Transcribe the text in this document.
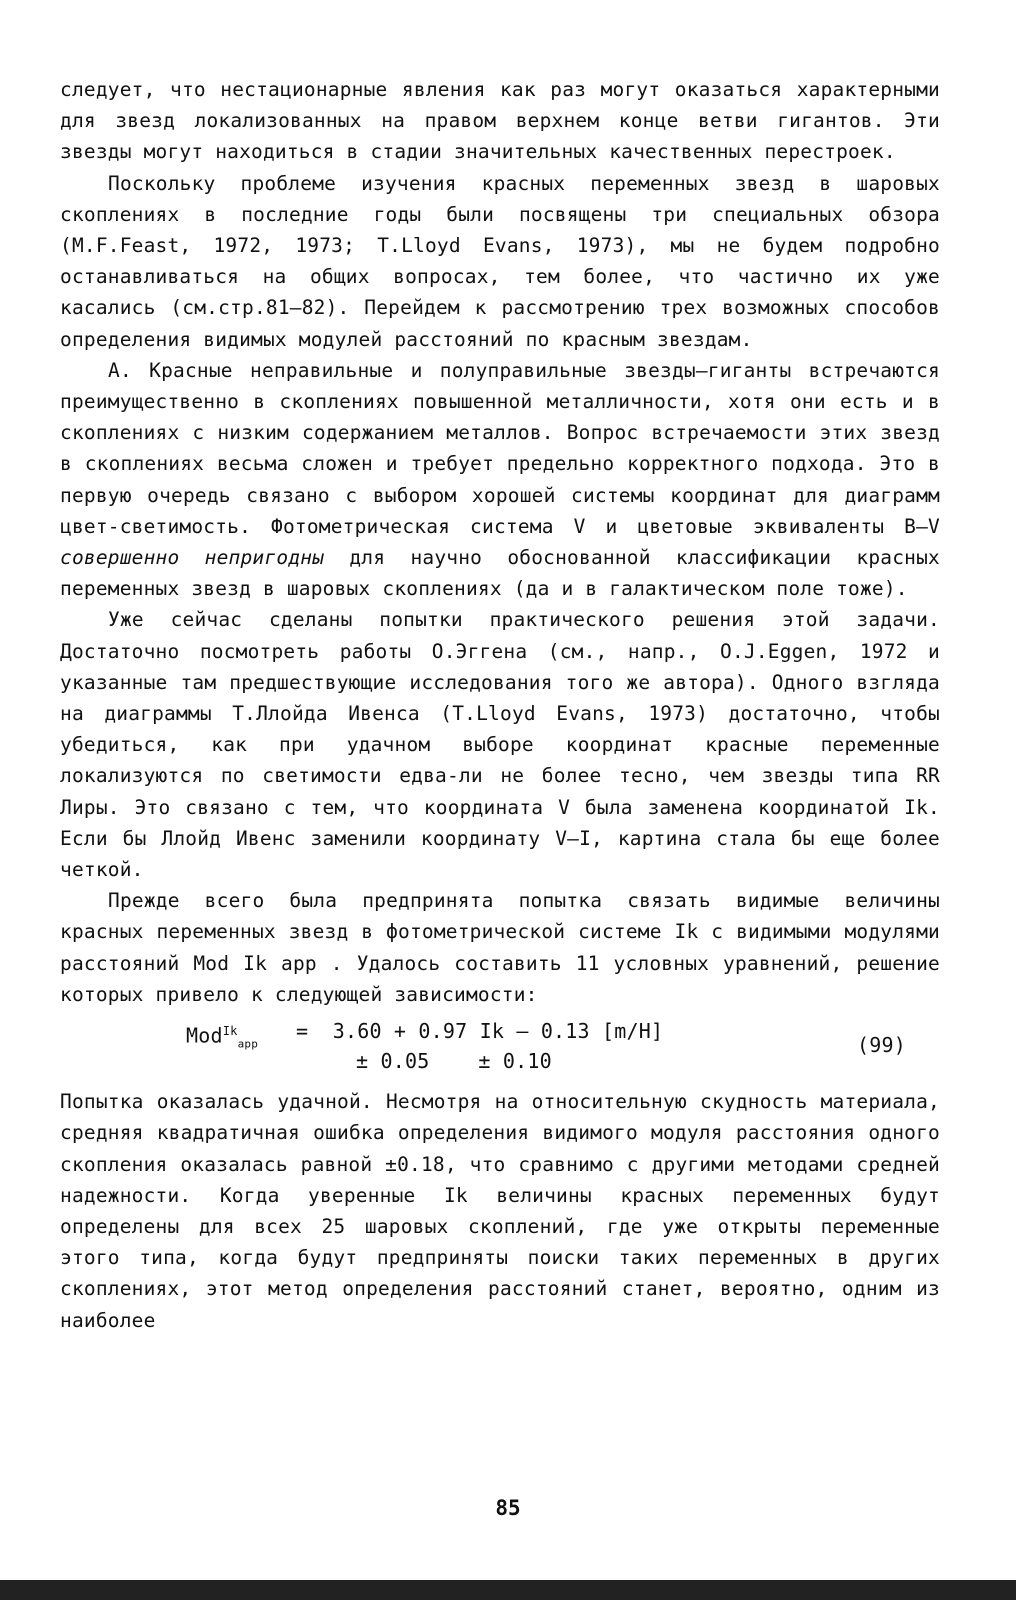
следует, что нестационарные явления как раз могут оказаться характерными для звезд локализованных на правом верхнем конце ветви гигантов. Эти звезды могут находиться в стадии значительных качественных перестроек.

Поскольку проблеме изучения красных переменных звезд в шаровых скоплениях в последние годы были посвящены три специальных обзора (M.F.Feast, 1972, 1973; T.Lloyd Evans, 1973), мы не будем подробно останавливаться на общих вопросах, тем более, что частично их уже касались (см.стр.81–82). Перейдем к рассмотрению трех возможных способов определения видимых модулей расстояний по красным звездам.

А. Красные неправильные и полуправильные звезды–гиганты встречаются преимущественно в скоплениях повышенной металличности, хотя они есть и в скоплениях с низким содержанием металлов. Вопрос встречаемости этих звезд в скоплениях весьма сложен и требует предельно корректного подхода. Это в первую очередь связано с выбором хорошей системы координат для диаграмм цвет-светимость. Фотометрическая система V и цветовые эквиваленты B–V совершенно непригодны для научно обоснованной классификации красных переменных звезд в шаровых скоплениях (да и в галактическом поле тоже).

Уже сейчас сделаны попытки практического решения этой задачи. Достаточно посмотреть работы О.Эггена (см., напр., O.J.Eggen, 1972 и указанные там предшествующие исследования того же автора). Одного взгляда на диаграммы Т.Ллойда Ивенса (T.Lloyd Evans, 1973) достаточно, чтобы убедиться, как при удачном выборе координат красные переменные локализуются по светимости едва-ли не более тесно, чем звезды типа RR Лиры. Это связано с тем, что координата V была заменена координатой Ik. Если бы Ллойд Ивенс заменили координату V–I, картина стала бы еще более четкой.

Прежде всего была предпринята попытка связать видимые величины красных переменных звезд в фотометрической системе Ik с видимыми модулями расстояний Mod Ik app . Удалось составить 11 условных уравнений, решение которых привело к следующей зависимости:

Mod$^{Ik}_{app}$
=  3.60 + 0.97 Ik – 0.13 [m/H]
± 0.05    ± 0.10
(99)

Попытка оказалась удачной. Несмотря на относительную скудность материала, средняя квадратичная ошибка определения видимого модуля расстояния одного скопления оказалась равной ±0.18, что сравнимо с другими методами средней надежности. Когда уверенные Ik величины красных переменных будут определены для всех 25 шаровых скоплений, где уже открыты переменные этого типа, когда будут предприняты поиски таких переменных в других скоплениях, этот метод определения расстояний станет, вероятно, одним из наиболее

85
